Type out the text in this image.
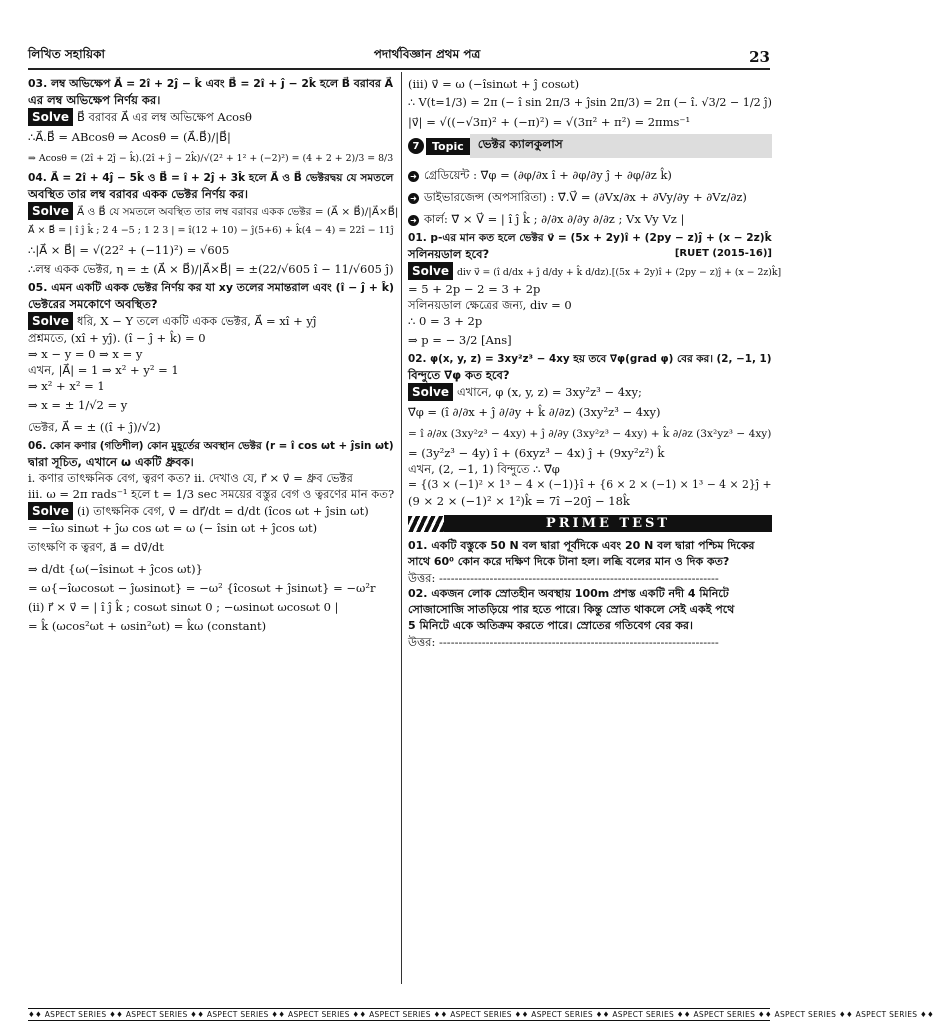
লিখিত সহায়িকা	পদার্থবিজ্ঞান প্রথম পত্র	23

03. লম্ব অভিক্ষেপ A⃗ = 2î + 2ĵ − k̂ এবং B⃗ = 2î + ĵ − 2k̂ হলে B⃗ বরাবর A⃗

এর লম্ব অভিক্ষেপ নির্ণয় কর।

Solve B⃗ বরাবর A⃗ এর লম্ব অভিক্ষেপ Acosθ

∴A⃗.B⃗ = ABcosθ ⇒ Acosθ = (A⃗.B⃗)/|B⃗|

⇒ Acosθ = (2î + 2ĵ − k̂).(2î + ĵ − 2k̂)/√(2² + 1² + (−2)²) = (4 + 2 + 2)/3 = 8/3

04. A⃗ = 2î + 4ĵ − 5k̂ ও B⃗ = î + 2ĵ + 3k̂ হলে A⃗ ও B⃗ ভেক্টরদ্বয় যে সমতলে

অবস্থিত তার লম্ব বরাবর একক ভেক্টর নির্ণয় কর।

Solve A⃗ ও B⃗ যে সমতলে অবস্থিত তার লম্ব বরাবর একক ভেক্টর = (A⃗ × B⃗)/|A⃗×B⃗|

A⃗ × B⃗ = | î ĵ k̂ ; 2 4 −5 ; 1 2 3 | = î(12 + 10) − ĵ(5+6) + k̂(4 − 4) = 22î − 11ĵ

∴|A⃗ × B⃗| = √(22² + (−11)²) = √605

∴লম্ব একক ভেক্টর, η = ± (A⃗ × B⃗)/|A⃗×B⃗| = ±(22/√605 î − 11/√605 ĵ)

05. এমন একটি একক ভেক্টর নির্ণয় কর যা xy তলের সমান্তরাল এবং (î − ĵ + k̂)

ভেক্টরের সমকোণে অবস্থিত?

Solve ধরি, X − Y তলে একটি একক ভেক্টর, A⃗ = xî + yĵ

প্রশ্নমতে, (xî + yĵ). (î − ĵ + k̂) = 0

⇒ x − y = 0 ⇒ x = y

এখন, |A⃗| = 1 ⇒ x² + y² = 1

⇒ x² + x² = 1

⇒ x = ± 1/√2 = y

ভেক্টর, A⃗ = ± ((î + ĵ)/√2)

06. কোন কণার (গতিশীল) কোন মুহূর্তের অবস্থান ভেক্টর (r = î cos ωt + ĵsin ωt)

দ্বারা সূচিত, এখানে ω একটি ধ্রুবক।

i. কণার তাৎক্ষনিক বেগ, ত্বরণ কত? ii. দেখাও যে, r⃗ × v⃗ = ধ্রুব ভেক্টর

iii. ω = 2π rads⁻¹ হলে t = 1/3 sec সময়ের বস্তুর বেগ ও ত্বরণের মান কত?

Solve (i) তাৎক্ষনিক বেগ, v⃗ = dr⃗/dt = d/dt (îcos ωt + ĵsin ωt)

= −îω sinωt + ĵω cos ωt = ω (− îsin ωt + ĵcos ωt)

তাৎক্ষণি ক ত্বরণ, a⃗ = dv⃗/dt

⇒ d/dt {ω(−îsinωt + ĵcos ωt)}

= ω{−îωcosωt − ĵωsinωt} = −ω² {îcosωt + ĵsinωt} = −ω²r

(ii) r⃗ × v⃗ = | î ĵ k̂ ; cosωt sinωt 0 ; −ωsinωt ωcosωt 0 |

= k̂ (ωcos²ωt + ωsin²ωt) = k̂ω (constant)

(iii) v⃗ = ω (−îsinωt + ĵ cosωt)

∴ V(t=1/3) = 2π (− î sin 2π/3 + ĵsin 2π/3) = 2π (− î. √3/2 − 1/2 ĵ)

|v⃗| = √((−√3π)² + (−π)²) = √(3π² + π²) = 2πms⁻¹

7	Topic	ভেক্টর ক্যালকুলাস

➜ গ্রেডিয়েন্ট : ∇⃗φ = (∂φ/∂x î + ∂φ/∂y ĵ + ∂φ/∂z k̂)

➜ ডাইভারজেন্স (অপসারিতা) : ∇⃗.V⃗ = (∂Vx/∂x + ∂Vy/∂y + ∂Vz/∂z)

➜ কার্ল: ∇⃗ × V⃗ = | î ĵ k̂ ; ∂/∂x ∂/∂y ∂/∂z ; Vx Vy Vz |

01. p-এর মান কত হলে ভেক্টর v⃗ = (5x + 2y)î + (2py − z)ĵ + (x − 2z)k̂

সলিনয়ডাল হবে?	[RUET (2015-16)]

Solve div v⃗ = (î d/dx + ĵ d/dy + k̂ d/dz).[(5x + 2y)î + (2py − z)ĵ + (x − 2z)k̂]

= 5 + 2p − 2 = 3 + 2p

সলিনয়ডাল ক্ষেত্রের জন্য, div = 0

∴ 0 = 3 + 2p

⇒ p = − 3/2 [Ans]

02. φ(x, y, z) = 3xy²z³ − 4xy হয় তবে ∇⃗φ(grad φ) বের কর। (2, −1, 1)

বিন্দুতে ∇⃗φ কত হবে?

Solve এখানে, φ (x, y, z) = 3xy²z³ − 4xy;

∇⃗φ = (î ∂/∂x + ĵ ∂/∂y + k̂ ∂/∂z) (3xy²z³ − 4xy)

= î ∂/∂x (3xy²z³ − 4xy) + ĵ ∂/∂y (3xy²z³ − 4xy) + k̂ ∂/∂z (3x²yz³ − 4xy)

= (3y²z³ − 4y) î + (6xyz³ − 4x) ĵ + (9xy²z²) k̂

এখন, (2, −1, 1) বিন্দুতে ∴ ∇⃗φ

= {(3 × (−1)² × 1³ − 4 × (−1)}î + {6 × 2 × (−1) × 1³ − 4 × 2}ĵ +

(9 × 2 × (−1)² × 1²)k̂ = 7î −20ĵ − 18k̂

PRIME TEST

01. একটি বস্তুকে 50 N বল দ্বারা পূর্বদিকে এবং 20 N বল দ্বারা পশ্চিম দিকের

সাথে 60⁰ কোন করে দক্ষিণ দিকে টানা হল। লব্ধি বলের মান ও দিক কত?

উত্তর: ------------------------------------------------------------------------

02. একজন লোক স্রোতহীন অবস্থায় 100m প্রশস্ত একটি নদী 4 মিনিটে

সোজাসোজি সাতড়িয়ে পার হতে পারে। কিন্তু স্রোত থাকলে সেই একই পথে

5 মিনিটে একে অতিক্রম করতে পারে। স্রোতের গতিবেগ বের কর।

উত্তর: ------------------------------------------------------------------------

♦♦ ASPECT SERIES ♦♦ ASPECT SERIES ♦♦ ASPECT SERIES ♦♦ ASPECT SERIES ♦♦ ASPECT SERIES ♦♦ ASPECT SERIES ♦♦ ASPECT SERIES ♦♦ ASPECT SERIES ♦♦ ASPECT SERIES ♦♦ ASPECT SERIES ♦♦ ASPECT SERIES ♦♦
